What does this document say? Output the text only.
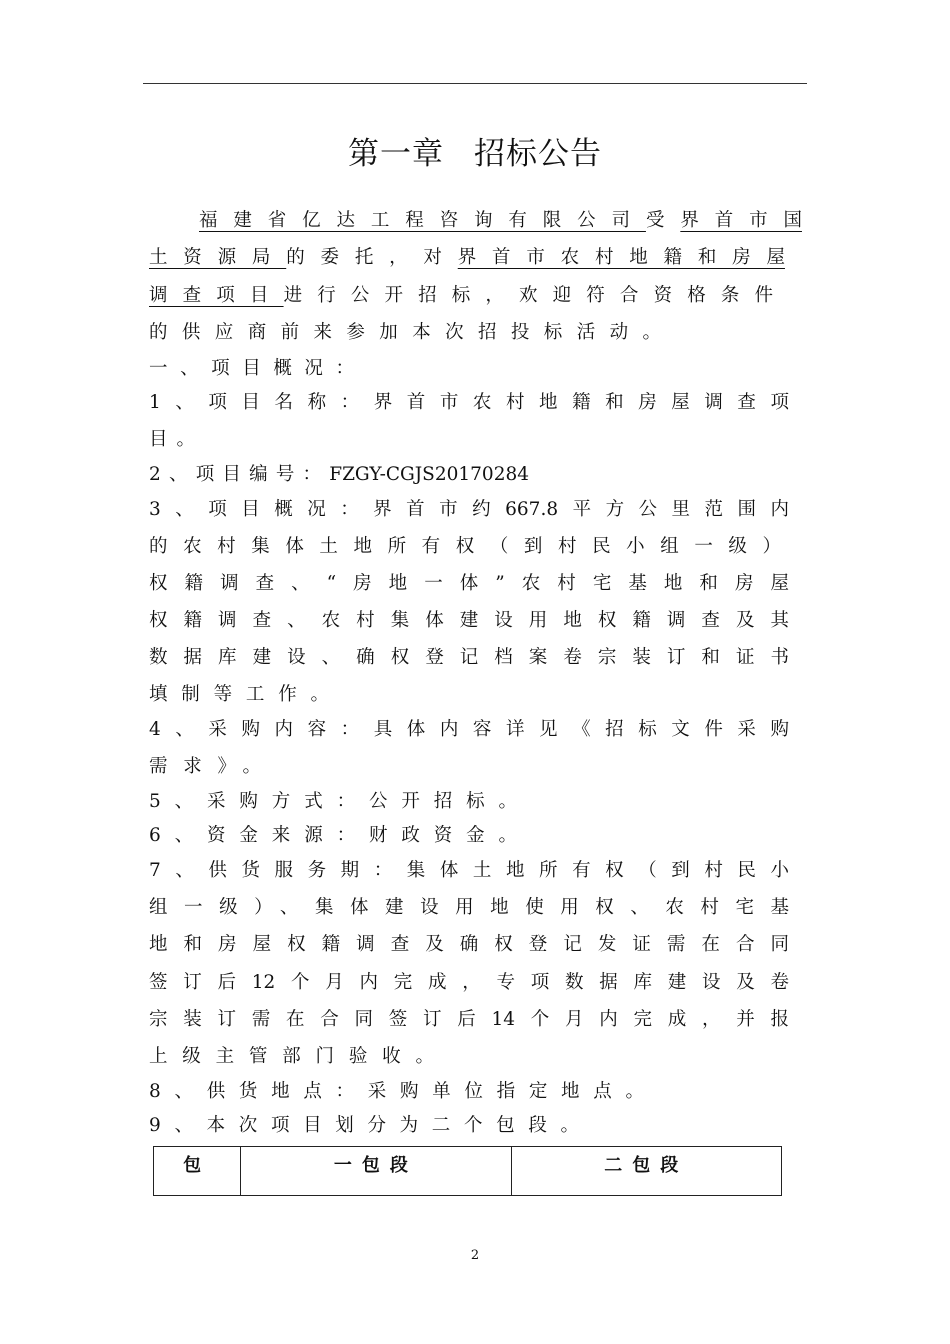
第一章 招标公告
福建省亿达工程咨询有限公司受界首市国
土资源局的委托，对界首市农村地籍和房屋
调查项目进行公开招标，欢迎符合资格条件
的供应商前来参加本次招投标活动。
一、项目概况：
1、项目名称：界首市农村地籍和房屋调查项
目。
2、项目编号：FZGY-CGJS20170284
3、项目概况：界首市约667.8平方公里范围内
的农村集体土地所有权（到村民小组一级）
权籍调查、“房地一体”农村宅基地和房屋
权籍调查、农村集体建设用地权籍调查及其
数据库建设、确权登记档案卷宗装订和证书
填制等工作。
4、采购内容：具体内容详见《招标文件采购
需求》。
5、采购方式：公开招标。
6、资金来源：财政资金。
7、供货服务期：集体土地所有权（到村民小
组一级）、集体建设用地使用权、农村宅基
地和房屋权籍调查及确权登记发证需在合同
签订后12个月内完成，专项数据库建设及卷
宗装订需在合同签订后14个月内完成，并报
上级主管部门验收。
8、供货地点：采购单位指定地点。
9、本次项目划分为二个包段。
包	一包段	二包段
2
